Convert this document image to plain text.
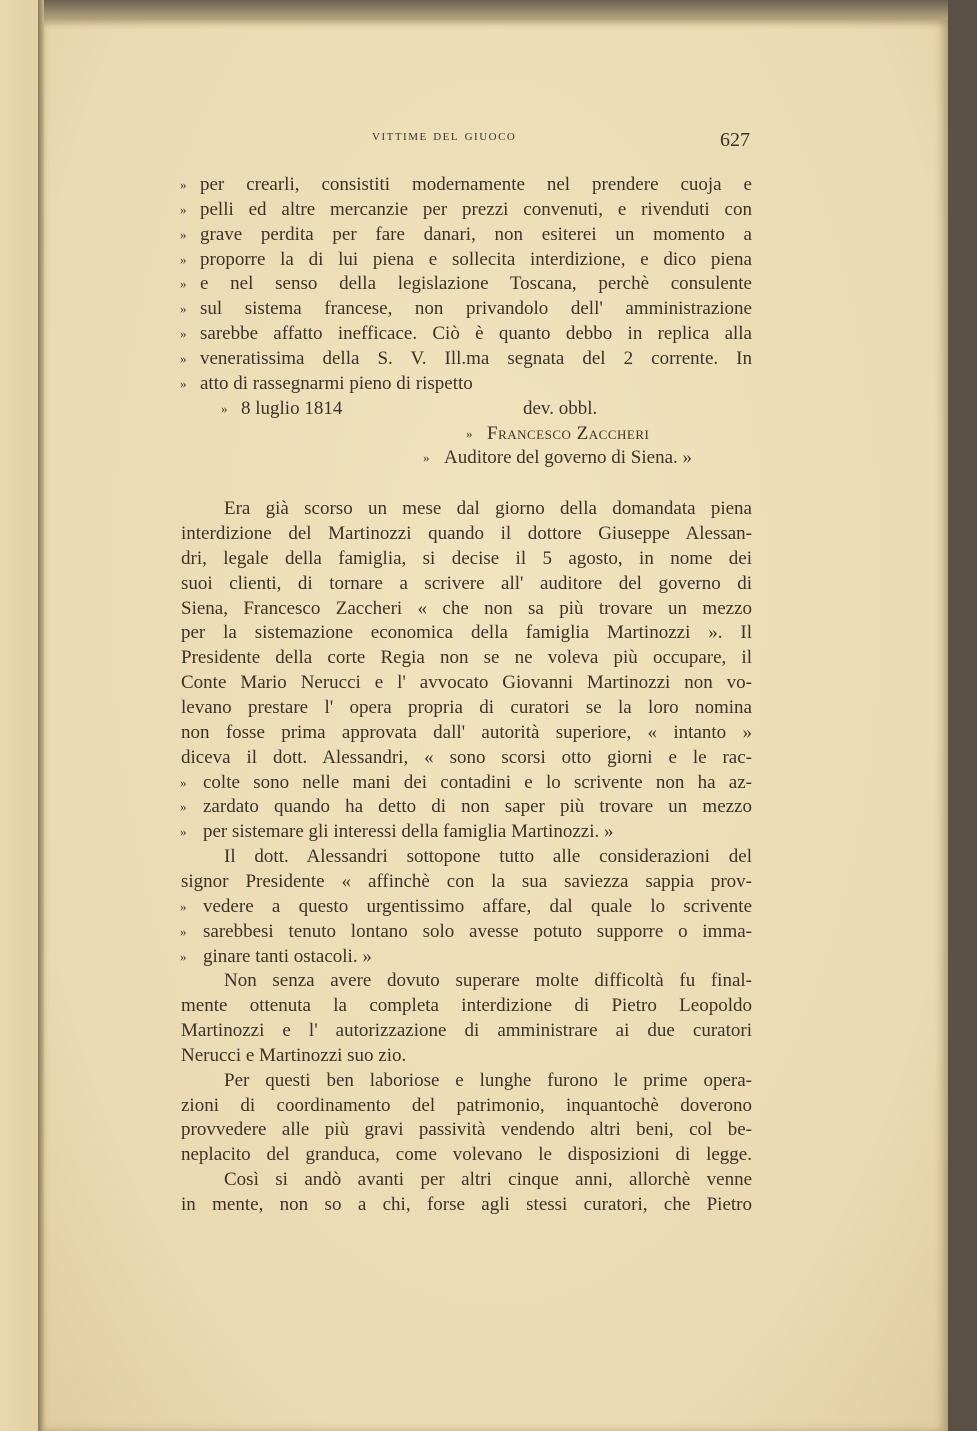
vittime del giuoco	627
» per crearli, consistiti modernamente nel prendere cuoja e
» pelli ed altre mercanzie per prezzi convenuti, e rivenduti con
» grave perdita per fare danari, non esiterei un momento a
» proporre la di lui piena e sollecita interdizione, e dico piena
» e nel senso della legislazione Toscana, perchè consulente
» sul sistema francese, non privandolo dell' amministrazione
» sarebbe affatto inefficace. Ciò è quanto debbo in replica alla
» veneratissima della S. V. Ill.ma segnata del 2 corrente. In
» atto di rassegnarmi pieno di rispetto
» 8 luglio 1814	dev. obbl.
» Francesco Zaccheri
» Auditore del governo di Siena. »
Era già scorso un mese dal giorno della domandata piena
interdizione del Martinozzi quando il dottore Giuseppe Alessan-
dri, legale della famiglia, si decise il 5 agosto, in nome dei
suoi clienti, di tornare a scrivere all' auditore del governo di
Siena, Francesco Zaccheri « che non sa più trovare un mezzo
per la sistemazione economica della famiglia Martinozzi ». Il
Presidente della corte Regia non se ne voleva più occupare, il
Conte Mario Nerucci e l' avvocato Giovanni Martinozzi non vo-
levano prestare l' opera propria di curatori se la loro nomina
non fosse prima approvata dall' autorità superiore, « intanto »
diceva il dott. Alessandri, « sono scorsi otto giorni e le rac-
» colte sono nelle mani dei contadini e lo scrivente non ha az-
» zardato quando ha detto di non saper più trovare un mezzo
» per sistemare gli interessi della famiglia Martinozzi. »
Il dott. Alessandri sottopone tutto alle considerazioni del
signor Presidente « affinchè con la sua saviezza sappia prov-
» vedere a questo urgentissimo affare, dal quale lo scrivente
» sarebbesi tenuto lontano solo avesse potuto supporre o imma-
» ginare tanti ostacoli. »
Non senza avere dovuto superare molte difficoltà fu final-
mente ottenuta la completa interdizione di Pietro Leopoldo
Martinozzi e l' autorizzazione di amministrare ai due curatori
Nerucci e Martinozzi suo zio.
Per questi ben laboriose e lunghe furono le prime opera-
zioni di coordinamento del patrimonio, inquantochè doverono
provvedere alle più gravi passività vendendo altri beni, col be-
neplacito del granduca, come volevano le disposizioni di legge.
Così si andò avanti per altri cinque anni, allorchè venne
in mente, non so a chi, forse agli stessi curatori, che Pietro
